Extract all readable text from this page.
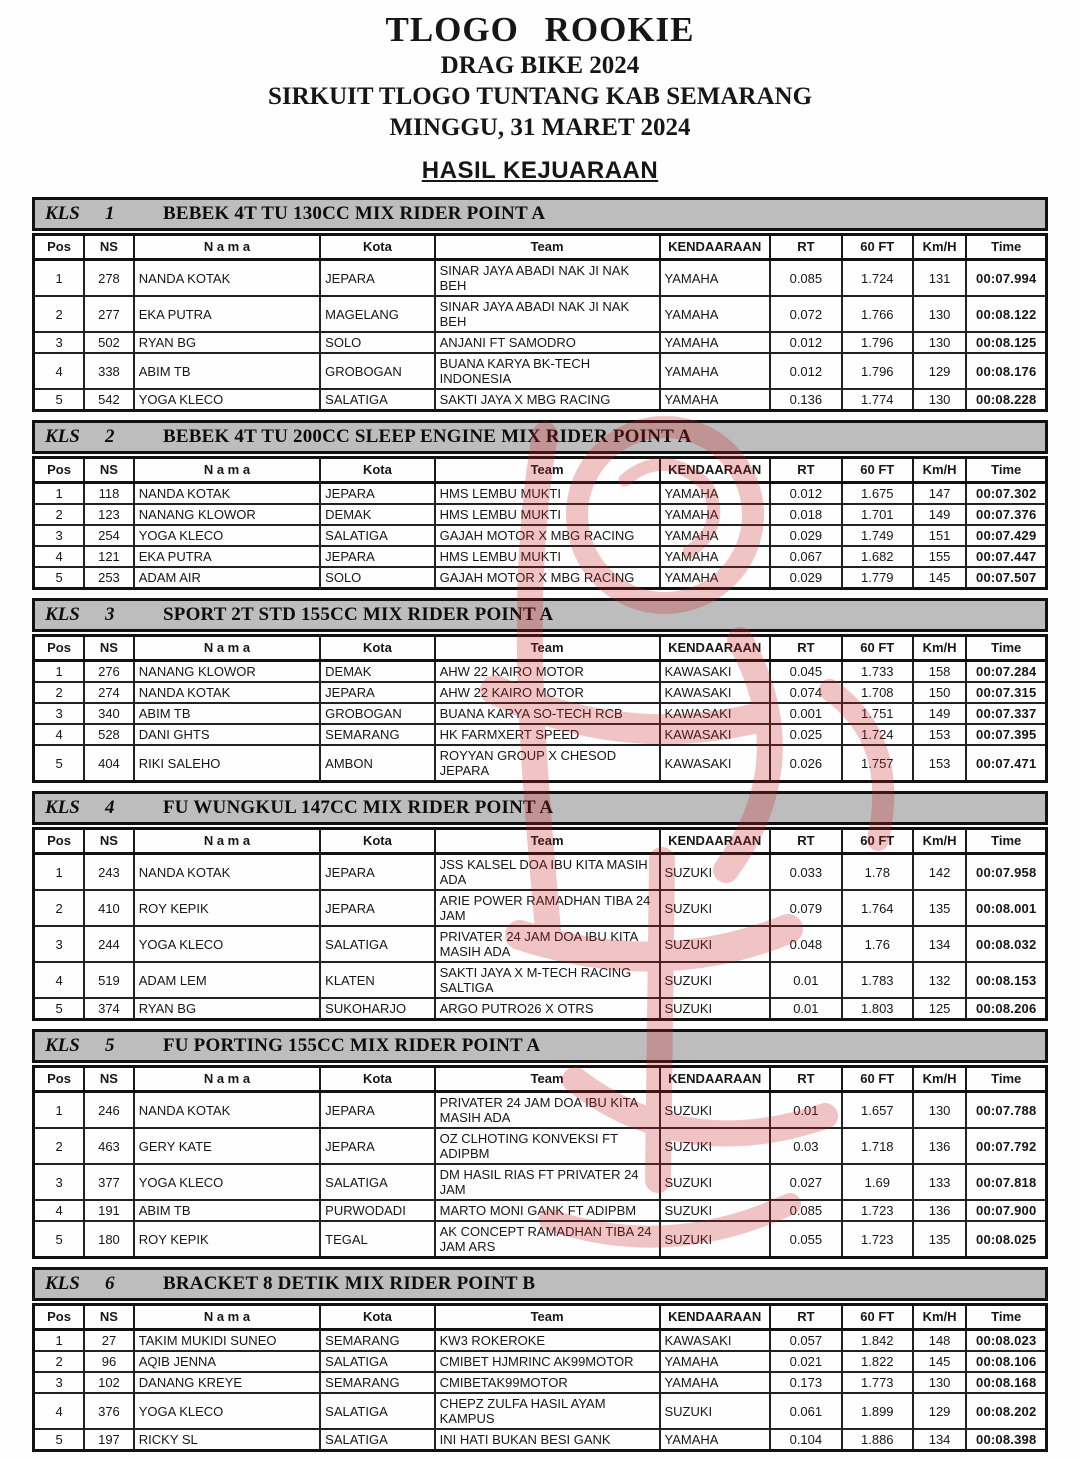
TLOGO ROOKIE
DRAG BIKE 2024
SIRKUIT TLOGO TUNTANG KAB SEMARANG
MINGGU, 31 MARET 2024
HASIL KEJUARAAN
KLS	1	BEBEK 4T TU 130CC MIX RIDER POINT A
Pos	NS	N a m a	Kota	Team	KENDAARAAN	RT	60 FT	Km/H	Time
1	278	NANDA KOTAK	JEPARA	SINAR JAYA ABADI NAK JI NAK BEH	YAMAHA	0.085	1.724	131	00:07.994
2	277	EKA PUTRA	MAGELANG	SINAR JAYA ABADI NAK JI NAK BEH	YAMAHA	0.072	1.766	130	00:08.122
3	502	RYAN BG	SOLO	ANJANI FT SAMODRO	YAMAHA	0.012	1.796	130	00:08.125
4	338	ABIM TB	GROBOGAN	BUANA KARYA BK-TECH INDONESIA	YAMAHA	0.012	1.796	129	00:08.176
5	542	YOGA KLECO	SALATIGA	SAKTI JAYA X MBG RACING	YAMAHA	0.136	1.774	130	00:08.228
KLS	2	BEBEK 4T TU 200CC SLEEP ENGINE MIX RIDER POINT A
Pos	NS	N a m a	Kota	Team	KENDAARAAN	RT	60 FT	Km/H	Time
1	118	NANDA KOTAK	JEPARA	HMS LEMBU MUKTI	YAMAHA	0.012	1.675	147	00:07.302
2	123	NANANG KLOWOR	DEMAK	HMS LEMBU MUKTI	YAMAHA	0.018	1.701	149	00:07.376
3	254	YOGA KLECO	SALATIGA	GAJAH MOTOR X MBG RACING	YAMAHA	0.029	1.749	151	00:07.429
4	121	EKA PUTRA	JEPARA	HMS LEMBU MUKTI	YAMAHA	0.067	1.682	155	00:07.447
5	253	ADAM AIR	SOLO	GAJAH MOTOR X MBG RACING	YAMAHA	0.029	1.779	145	00:07.507
KLS	3	SPORT 2T STD 155CC MIX RIDER POINT A
Pos	NS	N a m a	Kota	Team	KENDAARAAN	RT	60 FT	Km/H	Time
1	276	NANANG KLOWOR	DEMAK	AHW 22 KAIRO MOTOR	KAWASAKI	0.045	1.733	158	00:07.284
2	274	NANDA KOTAK	JEPARA	AHW 22 KAIRO MOTOR	KAWASAKI	0.074	1.708	150	00:07.315
3	340	ABIM TB	GROBOGAN	BUANA KARYA SO-TECH RCB	KAWASAKI	0.001	1.751	149	00:07.337
4	528	DANI GHTS	SEMARANG	HK FARMXERT SPEED	KAWASAKI	0.025	1.724	153	00:07.395
5	404	RIKI SALEHO	AMBON	ROYYAN GROUP X CHESOD JEPARA	KAWASAKI	0.026	1.757	153	00:07.471
KLS	4	FU WUNGKUL 147CC MIX RIDER POINT A
Pos	NS	N a m a	Kota	Team	KENDAARAAN	RT	60 FT	Km/H	Time
1	243	NANDA KOTAK	JEPARA	JSS KALSEL DOA IBU KITA MASIH ADA	SUZUKI	0.033	1.78	142	00:07.958
2	410	ROY KEPIK	JEPARA	ARIE POWER RAMADHAN TIBA 24 JAM	SUZUKI	0.079	1.764	135	00:08.001
3	244	YOGA KLECO	SALATIGA	PRIVATER 24 JAM DOA IBU KITA MASIH ADA	SUZUKI	0.048	1.76	134	00:08.032
4	519	ADAM LEM	KLATEN	SAKTI JAYA X M-TECH RACING SALTIGA	SUZUKI	0.01	1.783	132	00:08.153
5	374	RYAN BG	SUKOHARJO	ARGO PUTRO26 X OTRS	SUZUKI	0.01	1.803	125	00:08.206
KLS	5	FU PORTING 155CC MIX RIDER POINT A
Pos	NS	N a m a	Kota	Team	KENDAARAAN	RT	60 FT	Km/H	Time
1	246	NANDA KOTAK	JEPARA	PRIVATER 24 JAM DOA IBU KITA MASIH ADA	SUZUKI	0.01	1.657	130	00:07.788
2	463	GERY KATE	JEPARA	OZ CLHOTING KONVEKSI FT ADIPBM	SUZUKI	0.03	1.718	136	00:07.792
3	377	YOGA KLECO	SALATIGA	DM HASIL RIAS FT PRIVATER 24 JAM	SUZUKI	0.027	1.69	133	00:07.818
4	191	ABIM TB	PURWODADI	MARTO MONI GANK FT ADIPBM	SUZUKI	0.085	1.723	136	00:07.900
5	180	ROY KEPIK	TEGAL	AK CONCEPT RAMADHAN TIBA 24 JAM ARS	SUZUKI	0.055	1.723	135	00:08.025
KLS	6	BRACKET 8 DETIK MIX RIDER POINT B
Pos	NS	N a m a	Kota	Team	KENDAARAAN	RT	60 FT	Km/H	Time
1	27	TAKIM MUKIDI SUNEO	SEMARANG	KW3 ROKEROKE	KAWASAKI	0.057	1.842	148	00:08.023
2	96	AQIB JENNA	SALATIGA	CMIBET HJMRINC AK99MOTOR	YAMAHA	0.021	1.822	145	00:08.106
3	102	DANANG KREYE	SEMARANG	CMIBETAK99MOTOR	YAMAHA	0.173	1.773	130	00:08.168
4	376	YOGA KLECO	SALATIGA	CHEPZ ZULFA HASIL AYAM KAMPUS	SUZUKI	0.061	1.899	129	00:08.202
5	197	RICKY SL	SALATIGA	INI HATI BUKAN BESI GANK	YAMAHA	0.104	1.886	134	00:08.398
